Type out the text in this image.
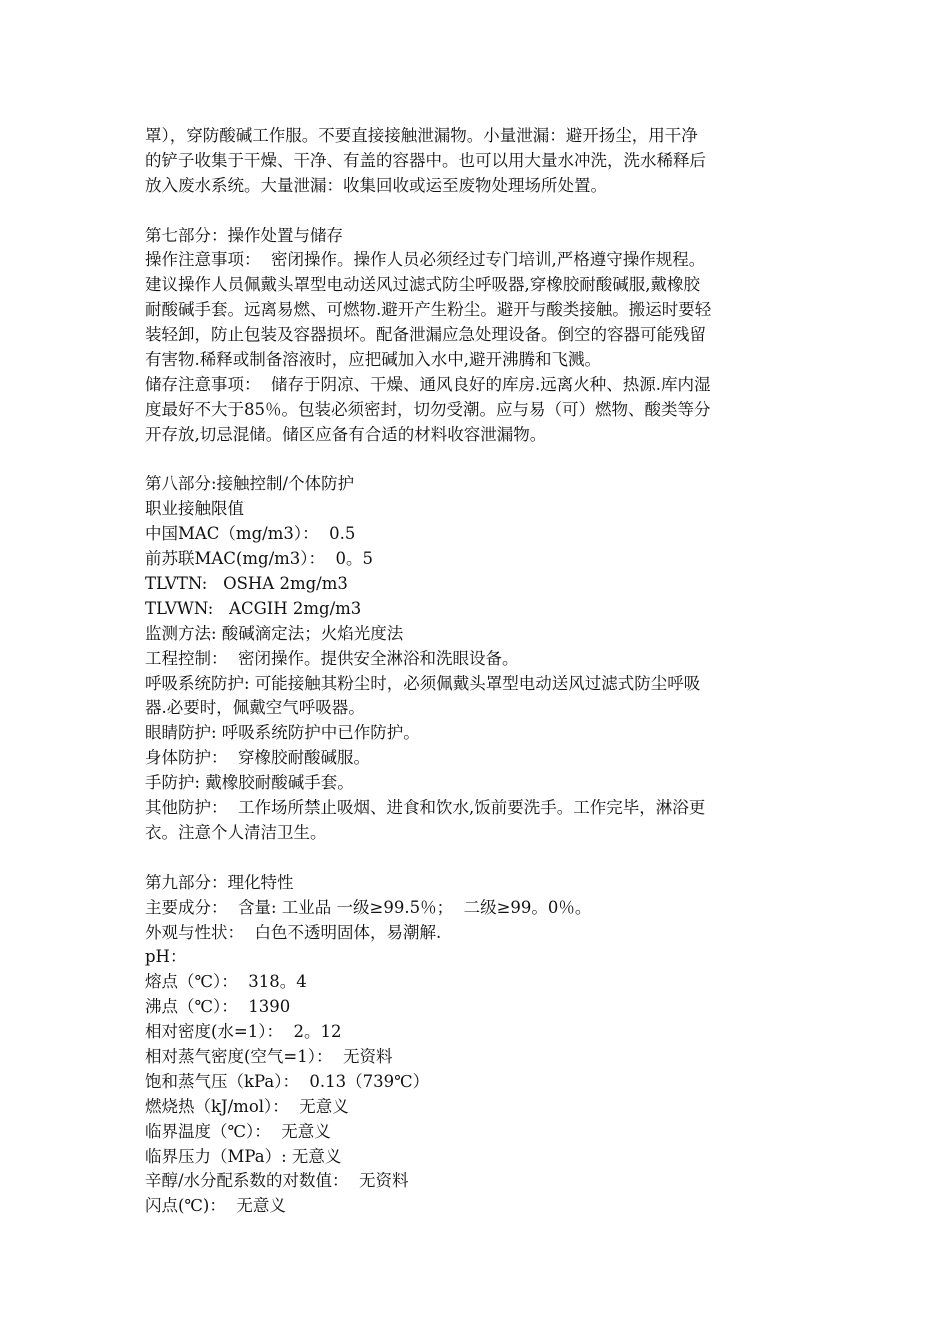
罩），穿防酸碱工作服。不要直接接触泄漏物。小量泄漏：避开扬尘，用干净
的铲子收集于干燥、干净、有盖的容器中。也可以用大量水冲洗，洗水稀释后
放入废水系统。大量泄漏：收集回收或运至废物处理场所处置。
第七部分：操作处置与储存
操作注意事项：  密闭操作。操作人员必须经过专门培训,严格遵守操作规程。
建议操作人员佩戴头罩型电动送风过滤式防尘呼吸器,穿橡胶耐酸碱服,戴橡胶
耐酸碱手套。远离易燃、可燃物.避开产生粉尘。避开与酸类接触。搬运时要轻
装轻卸，防止包装及容器损坏。配备泄漏应急处理设备。倒空的容器可能残留
有害物.稀释或制备溶液时，应把碱加入水中,避开沸腾和飞溅。
储存注意事项：  储存于阴凉、干燥、通风良好的库房.远离火种、热源.库内湿
度最好不大于85％。包装必须密封，切勿受潮。应与易（可）燃物、酸类等分
开存放,切忌混储。储区应备有合适的材料收容泄漏物。
第八部分:接触控制/个体防护
职业接触限值
中国MAC（mg/m3）：  0.5
前苏联MAC(mg/m3）：  0。5
TLVTN:   OSHA 2mg/m3
TLVWN:   ACGIH 2mg/m3
监测方法: 酸碱滴定法；火焰光度法
工程控制：  密闭操作。提供安全淋浴和洗眼设备。
呼吸系统防护: 可能接触其粉尘时，必须佩戴头罩型电动送风过滤式防尘呼吸
器.必要时，佩戴空气呼吸器。
眼睛防护: 呼吸系统防护中已作防护。
身体防护：  穿橡胶耐酸碱服。
手防护: 戴橡胶耐酸碱手套。
其他防护：  工作场所禁止吸烟、进食和饮水,饭前要洗手。工作完毕，淋浴更
衣。注意个人清洁卫生。
第九部分：理化特性
主要成分：  含量: 工业品 一级≥99.5％；  二级≥99。0％。
外观与性状：  白色不透明固体，易潮解.
pH：
熔点（℃）：  318。4
沸点（℃）：  1390
相对密度(水=1）：  2。12
相对蒸气密度(空气=1）：  无资料
饱和蒸气压（kPa）：  0.13（739℃）
燃烧热（kJ/mol）：  无意义
临界温度（℃）：  无意义
临界压力（MPa）: 无意义
辛醇/水分配系数的对数值：  无资料
闪点(℃)：  无意义
